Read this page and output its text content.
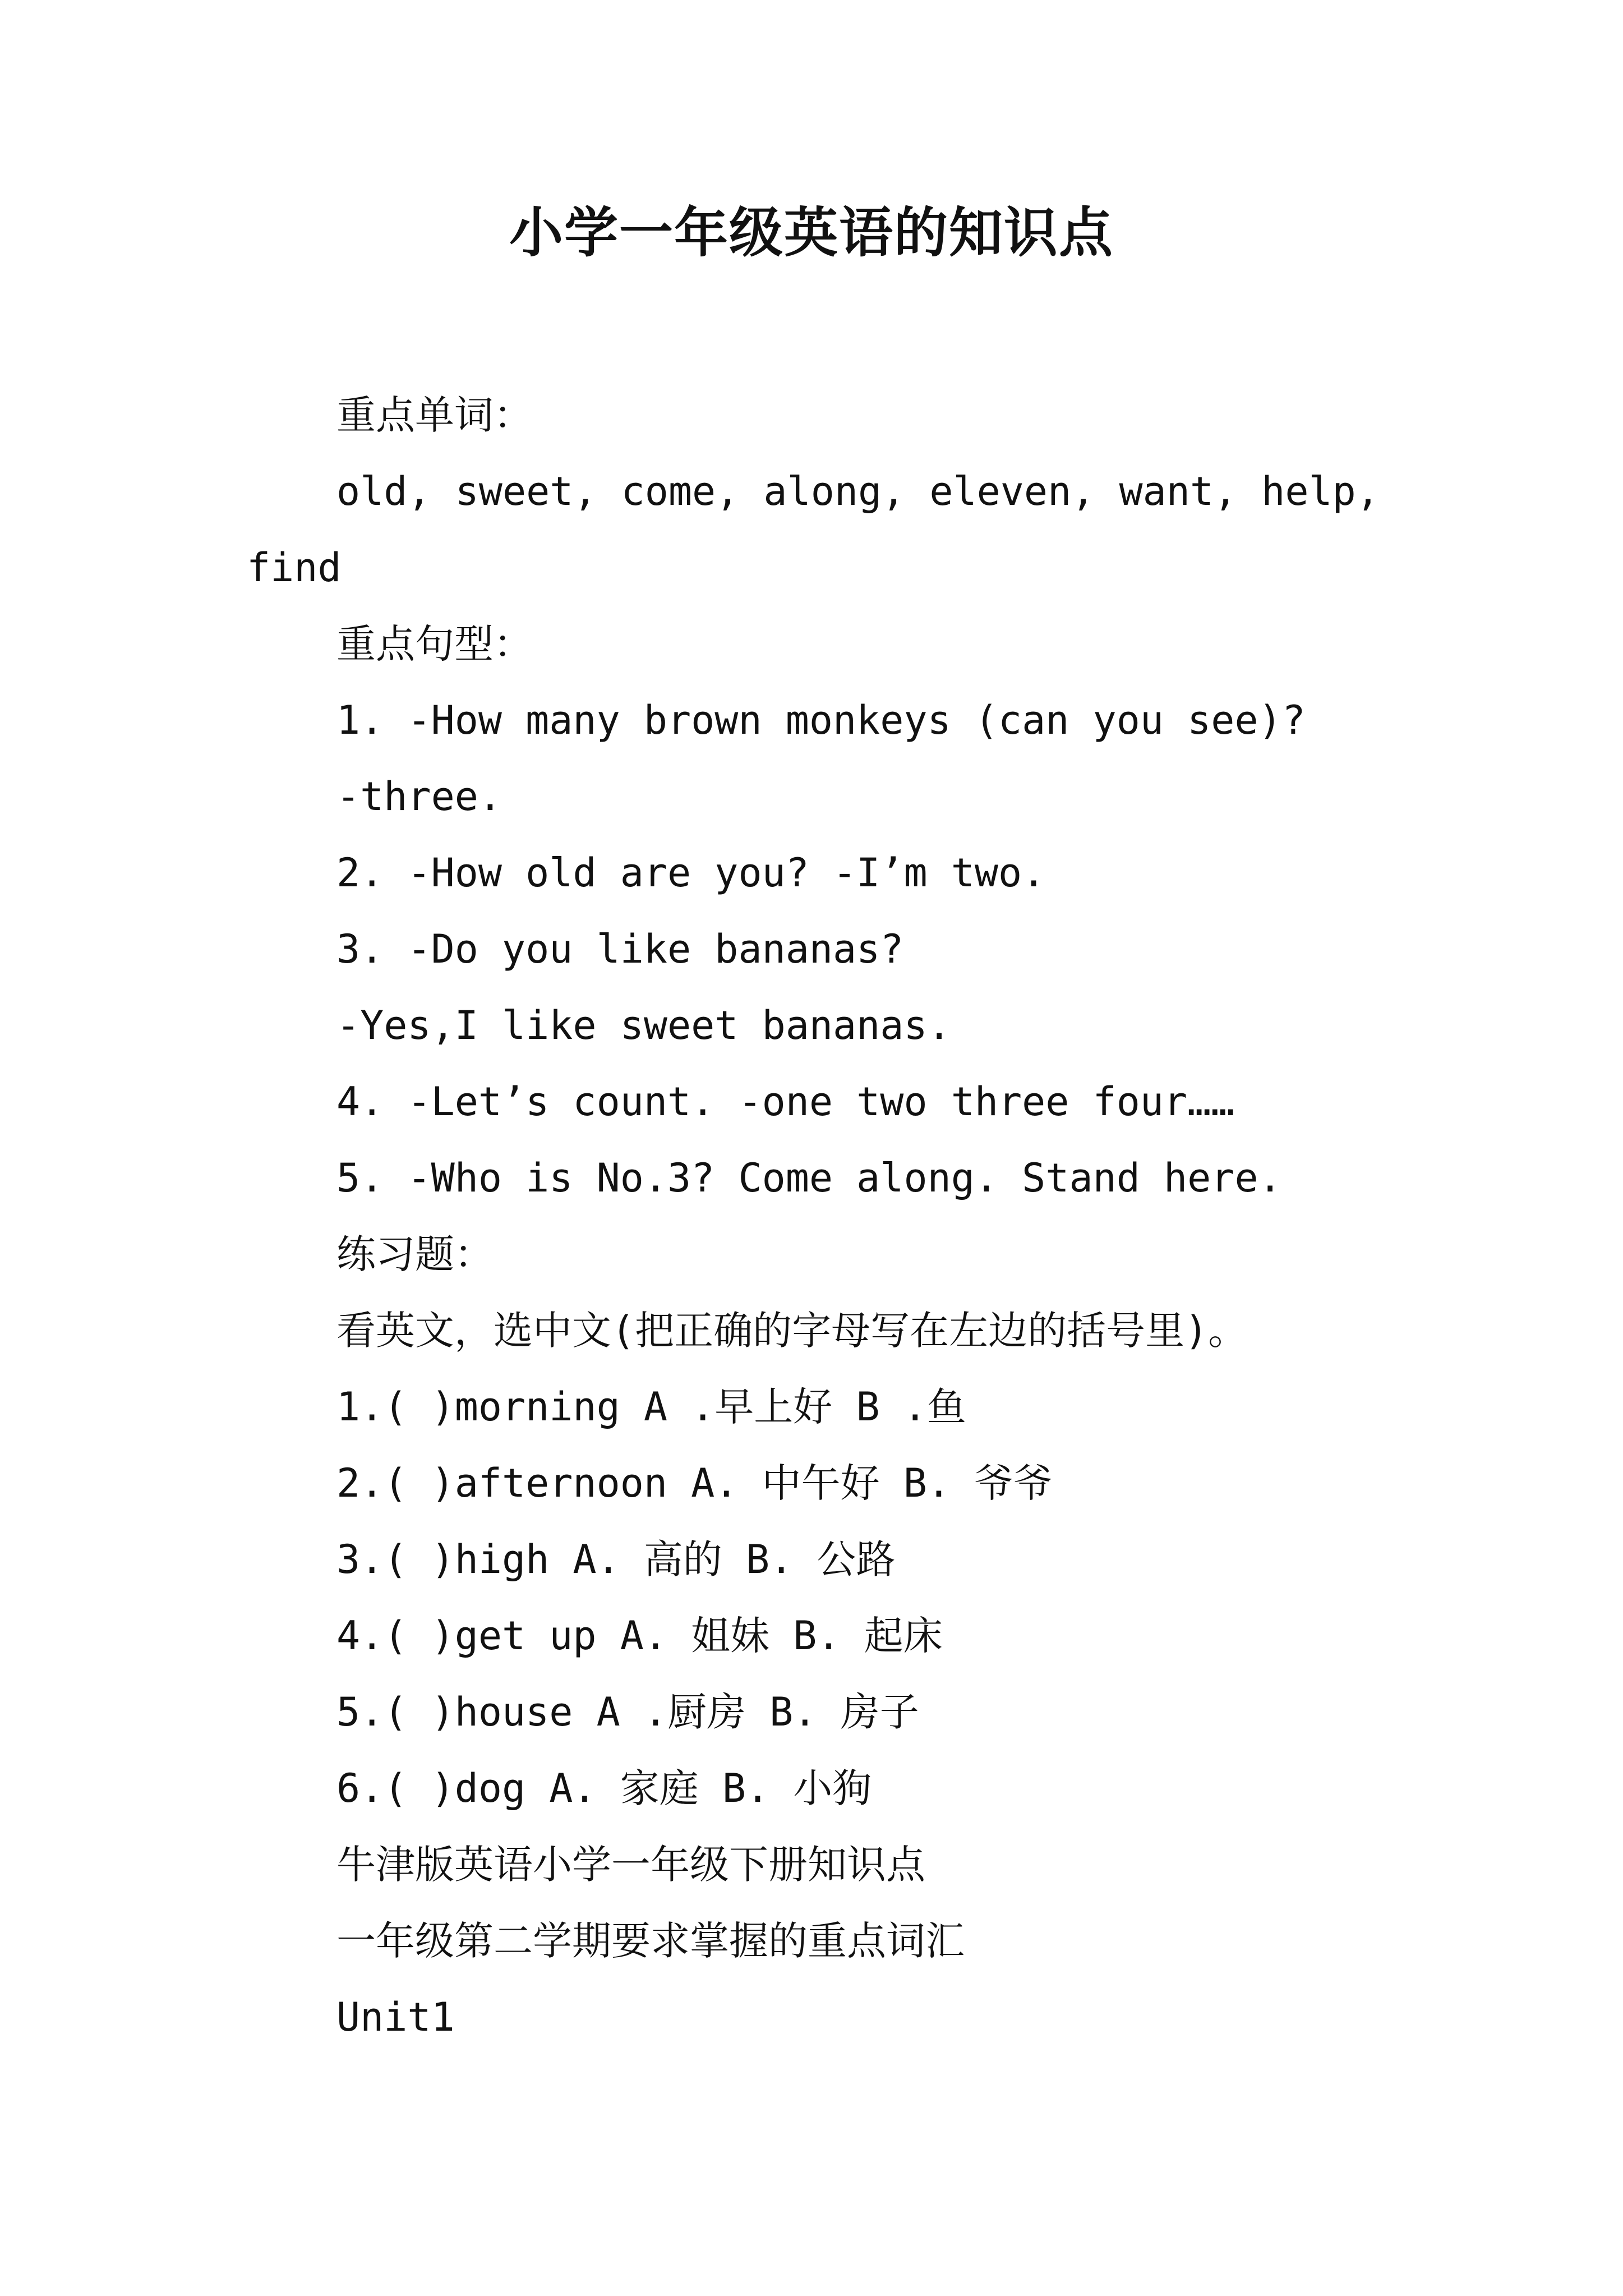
小学一年级英语的知识点
重点单词：
old, sweet, come, along, eleven, want, help,
find
重点句型：
1. -How many brown monkeys (can you see)?
-three.
2. -How old are you? -I’m two.
3. -Do you like bananas?
-Yes,I like sweet bananas.
4. -Let’s count. -one two three four……
5. -Who is No.3? Come along. Stand here.
练习题：
看英文，选中文(把正确的字母写在左边的括号里)。
1.( )morning A .早上好 B .鱼
2.( )afternoon A. 中午好 B. 爷爷
3.( )high A. 高的 B. 公路
4.( )get up A. 姐妹 B. 起床
5.( )house A .厨房 B. 房子
6.( )dog A. 家庭 B. 小狗
牛津版英语小学一年级下册知识点
一年级第二学期要求掌握的重点词汇
Unit1
